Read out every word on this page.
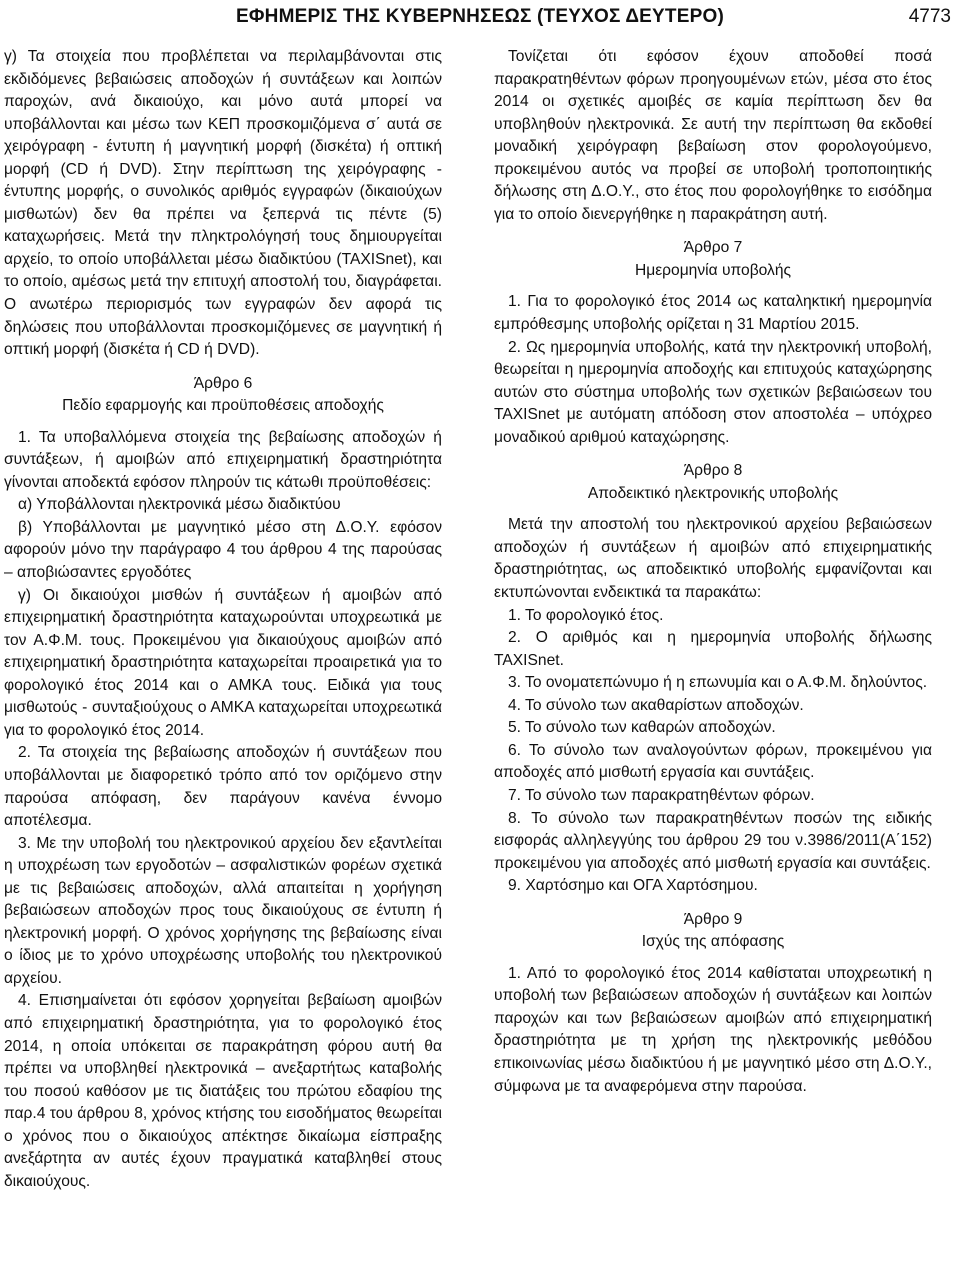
ΕΦΗΜΕΡΙΣ ΤΗΣ ΚΥΒΕΡΝΗΣΕΩΣ (ΤΕΥΧΟΣ ΔΕΥΤΕΡΟ)	4773

γ) Τα στοιχεία που προβλέπεται να περιλαμβάνονται στις εκδιδόμενες βεβαιώσεις αποδοχών ή συντάξεων και λοιπών παροχών, ανά δικαιούχο, και μόνο αυτά μπορεί να υποβάλλονται και μέσω των ΚΕΠ προσκομιζόμενα σ΄ αυτά σε χειρόγραφη - έντυπη ή μαγνητική μορφή (δισκέτα) ή οπτική μορφή (CD ή DVD). Στην περίπτωση της χειρόγραφης - έντυπης μορφής, ο συνολικός αριθμός εγγραφών (δικαιούχων μισθωτών) δεν θα πρέπει να ξεπερνά τις πέντε (5) καταχωρήσεις. Μετά την πληκτρολόγησή τους δημιουργείται αρχείο, το οποίο υποβάλλεται μέσω διαδικτύου (TAXISnet), και το οποίο, αμέσως μετά την επιτυχή αποστολή του, διαγράφεται. Ο ανωτέρω περιορισμός των εγγραφών δεν αφορά τις δηλώσεις που υποβάλλονται προσκομιζόμενες σε μαγνητική ή οπτική μορφή (δισκέτα ή CD ή DVD).

Άρθρο 6

Πεδίο εφαρμογής και προϋποθέσεις αποδοχής

1. Τα υποβαλλόμενα στοιχεία της βεβαίωσης αποδοχών ή συντάξεων, ή αμοιβών από επιχειρηματική δραστηριότητα γίνονται αποδεκτά εφόσον πληρούν τις κάτωθι προϋποθέσεις:

α) Υποβάλλονται ηλεκτρονικά μέσω διαδικτύου

β) Υποβάλλονται με μαγνητικό μέσο στη Δ.Ο.Υ. εφόσον αφορούν μόνο την παράγραφο 4 του άρθρου 4 της παρούσας – αποβιώσαντες εργοδότες

γ) Οι δικαιούχοι μισθών ή συντάξεων ή αμοιβών από επιχειρηματική δραστηριότητα καταχωρούνται υποχρεωτικά με τον Α.Φ.Μ. τους. Προκειμένου για δικαιούχους αμοιβών από επιχειρηματική δραστηριότητα καταχωρείται προαιρετικά για το φορολογικό έτος 2014 και ο ΑΜΚΑ τους. Ειδικά για τους μισθωτούς - συνταξιούχους ο ΑΜΚΑ καταχωρείται υποχρεωτικά για το φορολογικό έτος 2014.

2. Τα στοιχεία της βεβαίωσης αποδοχών ή συντάξεων που υποβάλλονται με διαφορετικό τρόπο από τον οριζόμενο στην παρούσα απόφαση, δεν παράγουν κανένα έννομο αποτέλεσμα.

3. Με την υποβολή του ηλεκτρονικού αρχείου δεν εξαντλείται η υποχρέωση των εργοδοτών – ασφαλιστικών φορέων σχετικά με τις βεβαιώσεις αποδοχών, αλλά απαιτείται η χορήγηση βεβαιώσεων αποδοχών προς τους δικαιούχους σε έντυπη ή ηλεκτρονική μορφή. Ο χρόνος χορήγησης της βεβαίωσης είναι ο ίδιος με το χρόνο υποχρέωσης υποβολής του ηλεκτρονικού αρχείου.

4. Επισημαίνεται ότι εφόσον χορηγείται βεβαίωση αμοιβών από επιχειρηματική δραστηριότητα, για το φορολογικό έτος 2014, η οποία υπόκειται σε παρακράτηση φόρου αυτή θα πρέπει να υποβληθεί ηλεκτρονικά – ανεξαρτήτως καταβολής του ποσού καθόσον με τις διατάξεις του πρώτου εδαφίου της παρ.4 του άρθρου 8, χρόνος κτήσης του εισοδήματος θεωρείται ο χρόνος που ο δικαιούχος απέκτησε δικαίωμα είσπραξης ανεξάρτητα αν αυτές έχουν πραγματικά καταβληθεί στους δικαιούχους.

Τονίζεται ότι εφόσον έχουν αποδοθεί ποσά παρακρατηθέντων φόρων προηγουμένων ετών, μέσα στο έτος 2014 οι σχετικές αμοιβές σε καμία περίπτωση δεν θα υποβληθούν ηλεκτρονικά. Σε αυτή την περίπτωση θα εκδοθεί μοναδική χειρόγραφη βεβαίωση στον φορολογούμενο, προκειμένου αυτός να προβεί σε υποβολή τροποποιητικής δήλωσης στη Δ.Ο.Υ., στο έτος που φορολογήθηκε το εισόδημα για το οποίο διενεργήθηκε η παρακράτηση αυτή.

Άρθρο 7

Ημερομηνία υποβολής

1. Για το φορολογικό έτος 2014 ως καταληκτική ημερομηνία εμπρόθεσμης υποβολής ορίζεται η 31 Μαρτίου 2015.

2. Ως ημερομηνία υποβολής, κατά την ηλεκτρονική υποβολή, θεωρείται η ημερομηνία αποδοχής και επιτυχούς καταχώρησης αυτών στο σύστημα υποβολής των σχετικών βεβαιώσεων του TAXISnet με αυτόματη απόδοση στον αποστολέα – υπόχρεο μοναδικού αριθμού καταχώρησης.

Άρθρο 8

Αποδεικτικό ηλεκτρονικής υποβολής

Μετά την αποστολή του ηλεκτρονικού αρχείου βεβαιώσεων αποδοχών ή συντάξεων ή αμοιβών από επιχειρηματικής δραστηριότητας, ως αποδεικτικό υποβολής εμφανίζονται και εκτυπώνονται ενδεικτικά τα παρακάτω:

1. Το φορολογικό έτος.

2. Ο αριθμός και η ημερομηνία υποβολής δήλωσης TAXISnet.

3. Το ονοματεπώνυμο ή η επωνυμία και ο Α.Φ.Μ. δηλούντος.

4. Το σύνολο των ακαθαρίστων αποδοχών.

5. Το σύνολο των καθαρών αποδοχών.

6. Το σύνολο των αναλογούντων φόρων, προκειμένου για αποδοχές από μισθωτή εργασία και συντάξεις.

7. Το σύνολο των παρακρατηθέντων φόρων.

8. Το σύνολο των παρακρατηθέντων ποσών της ειδικής εισφοράς αλληλεγγύης του άρθρου 29 του ν.3986/2011(Α΄152) προκειμένου για αποδοχές από μισθωτή εργασία και συντάξεις.

9. Χαρτόσημο και ΟΓΑ Χαρτόσημου.

Άρθρο 9

Ισχύς της απόφασης

1. Από το φορολογικό έτος 2014 καθίσταται υποχρεωτική η υποβολή των βεβαιώσεων αποδοχών ή συντάξεων και λοιπών παροχών και των βεβαιώσεων αμοιβών από επιχειρηματική δραστηριότητα με τη χρήση της ηλεκτρονικής μεθόδου επικοινωνίας μέσω διαδικτύου ή με μαγνητικό μέσο στη Δ.Ο.Υ., σύμφωνα με τα αναφερόμενα στην παρούσα.
